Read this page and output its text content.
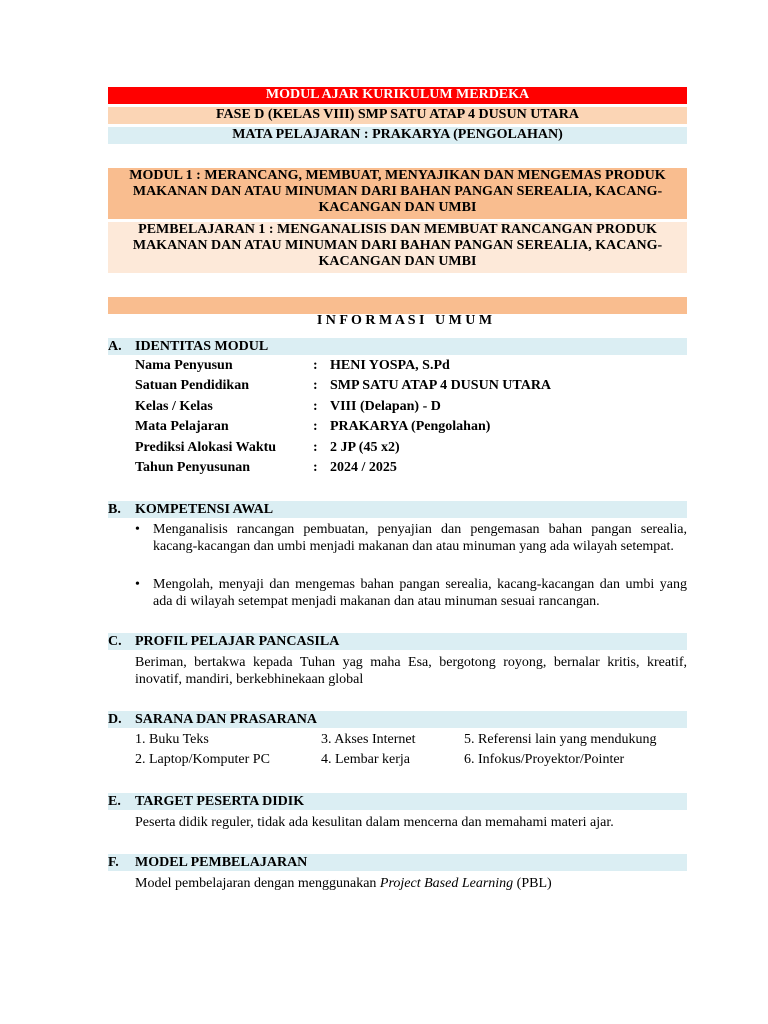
MODUL AJAR KURIKULUM MERDEKA
FASE D (KELAS VIII) SMP SATU ATAP 4 DUSUN UTARA
MATA PELAJARAN : PRAKARYA (PENGOLAHAN)
MODUL 1 : MERANCANG, MEMBUAT, MENYAJIKAN DAN MENGEMAS PRODUK MAKANAN DAN ATAU MINUMAN DARI BAHAN PANGAN SEREALIA, KACANG-KACANGAN DAN UMBI
PEMBELAJARAN 1 : MENGANALISIS DAN MEMBUAT RANCANGAN PRODUK MAKANAN DAN ATAU MINUMAN DARI BAHAN PANGAN SEREALIA, KACANG-KACANGAN DAN UMBI

I N F O R M A S I   U M U M

A. IDENTITAS MODUL
Nama Penyusun	: HENI YOSPA, S.Pd
Satuan Pendidikan	: SMP SATU ATAP 4 DUSUN UTARA
Kelas / Kelas	: VIII (Delapan) - D
Mata Pelajaran	: PRAKARYA (Pengolahan)
Prediksi Alokasi Waktu	: 2 JP (45 x2)
Tahun Penyusunan	: 2024 / 2025
B. KOMPETENSI AWAL
• Menganalisis rancangan pembuatan, penyajian dan pengemasan bahan pangan serealia, kacang-kacangan dan umbi menjadi makanan dan atau minuman yang ada wilayah setempat.
• Mengolah, menyaji dan mengemas bahan pangan serealia, kacang-kacangan dan umbi yang ada di wilayah setempat menjadi makanan dan atau minuman sesuai rancangan.
C. PROFIL PELAJAR PANCASILA
Beriman, bertakwa kepada Tuhan yag maha Esa, bergotong royong, bernalar kritis, kreatif, inovatif, mandiri, berkebhinekaan global
D. SARANA DAN PRASARANA
1. Buku Teks
2. Laptop/Komputer PC
3. Akses Internet
4. Lembar kerja
5. Referensi lain yang mendukung
6. Infokus/Proyektor/Pointer
E. TARGET PESERTA DIDIK
Peserta didik reguler, tidak ada kesulitan dalam mencerna dan memahami materi ajar.
F. MODEL PEMBELAJARAN
Model pembelajaran dengan menggunakan Project Based Learning (PBL)
